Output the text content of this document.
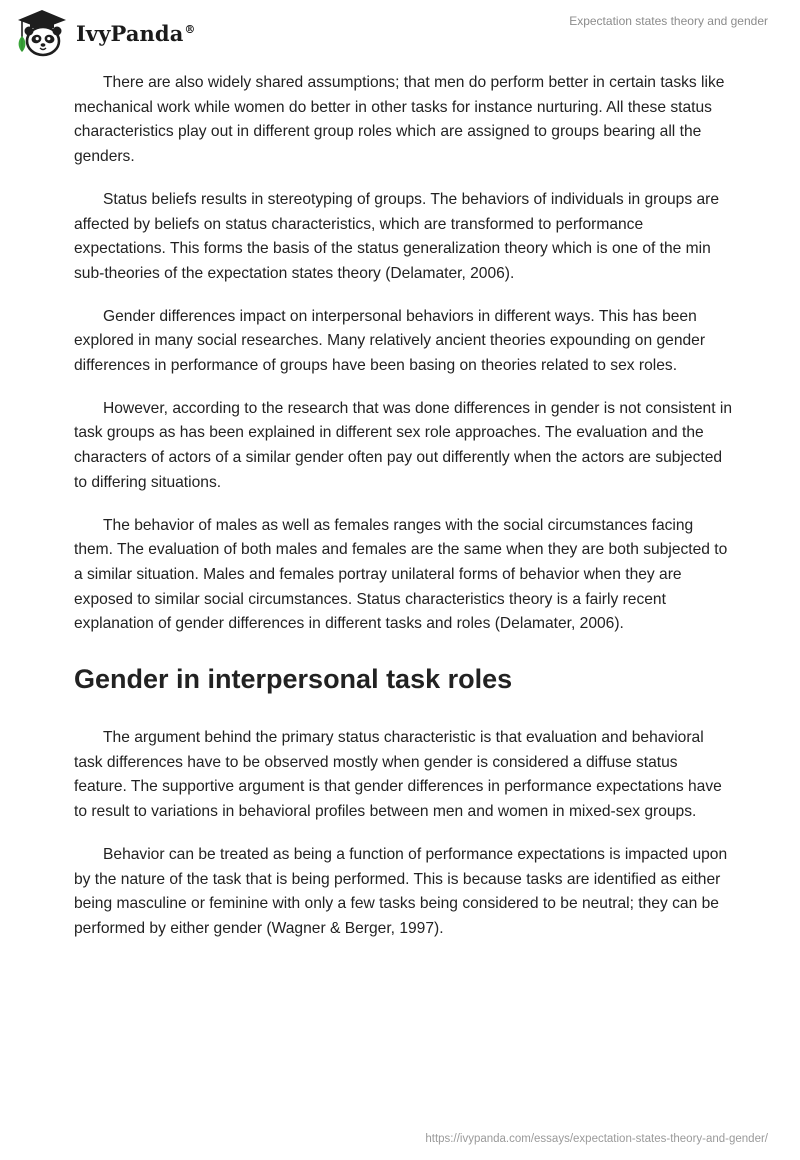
IvyPanda®
Expectation states theory and gender

There are also widely shared assumptions; that men do perform better in certain tasks like mechanical work while women do better in other tasks for instance nurturing. All these status characteristics play out in different group roles which are assigned to groups bearing all the genders.

Status beliefs results in stereotyping of groups. The behaviors of individuals in groups are affected by beliefs on status characteristics, which are transformed to performance expectations. This forms the basis of the status generalization theory which is one of the min sub-theories of the expectation states theory (Delamater, 2006).

Gender differences impact on interpersonal behaviors in different ways. This has been explored in many social researches. Many relatively ancient theories expounding on gender differences in performance of groups have been basing on theories related to sex roles.

However, according to the research that was done differences in gender is not consistent in task groups as has been explained in different sex role approaches. The evaluation and the characters of actors of a similar gender often pay out differently when the actors are subjected to differing situations.

The behavior of males as well as females ranges with the social circumstances facing them. The evaluation of both males and females are the same when they are both subjected to a similar situation. Males and females portray unilateral forms of behavior when they are exposed to similar social circumstances. Status characteristics theory is a fairly recent explanation of gender differences in different tasks and roles (Delamater, 2006).

Gender in interpersonal task roles

The argument behind the primary status characteristic is that evaluation and behavioral task differences have to be observed mostly when gender is considered a diffuse status feature. The supportive argument is that gender differences in performance expectations have to result to variations in behavioral profiles between men and women in mixed-sex groups.

Behavior can be treated as being a function of performance expectations is impacted upon by the nature of the task that is being performed. This is because tasks are identified as either being masculine or feminine with only a few tasks being considered to be neutral; they can be performed by either gender (Wagner & Berger, 1997).

https://ivypanda.com/essays/expectation-states-theory-and-gender/
